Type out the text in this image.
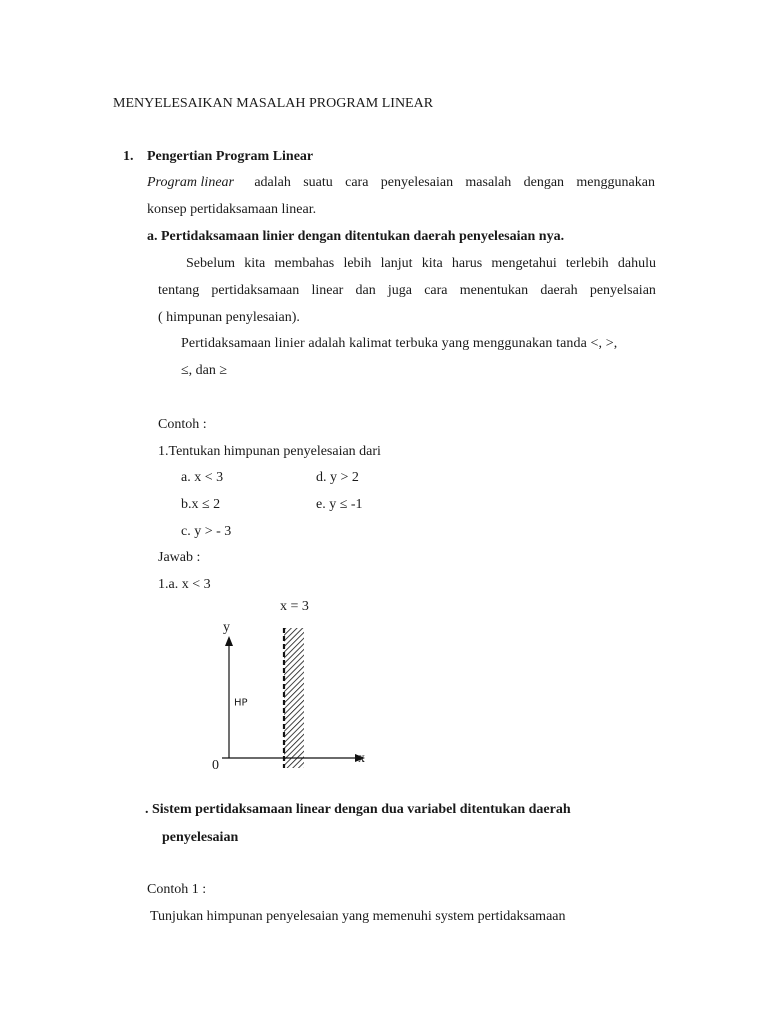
MENYELESAIKAN MASALAH PROGRAM LINEAR
1. Pengertian Program Linear
Program linear adalah suatu cara penyelesaian masalah dengan menggunakan
konsep pertidaksamaan linear.
a. Pertidaksamaan linier dengan ditentukan daerah penyelesaian nya.
Sebelum kita membahas lebih lanjut kita harus mengetahui terlebih dahulu
tentang pertidaksamaan linear dan juga cara menentukan daerah penyelsaian
( himpunan penylesaian).
Pertidaksamaan linier adalah kalimat terbuka yang menggunakan tanda <, >,
≤, dan ≥
Contoh :
1.Tentukan himpunan penyelesaian dari
a. x < 3	d. y > 2
b.x ≤ 2	e. y ≤ -1
c. y > - 3
Jawab :
1.a. x < 3
x = 3
y
x
0
HP
. Sistem pertidaksamaan linear dengan dua variabel ditentukan daerah
penyelesaian
Contoh 1 :
Tunjukan himpunan penyelesaian yang memenuhi system pertidaksamaan
